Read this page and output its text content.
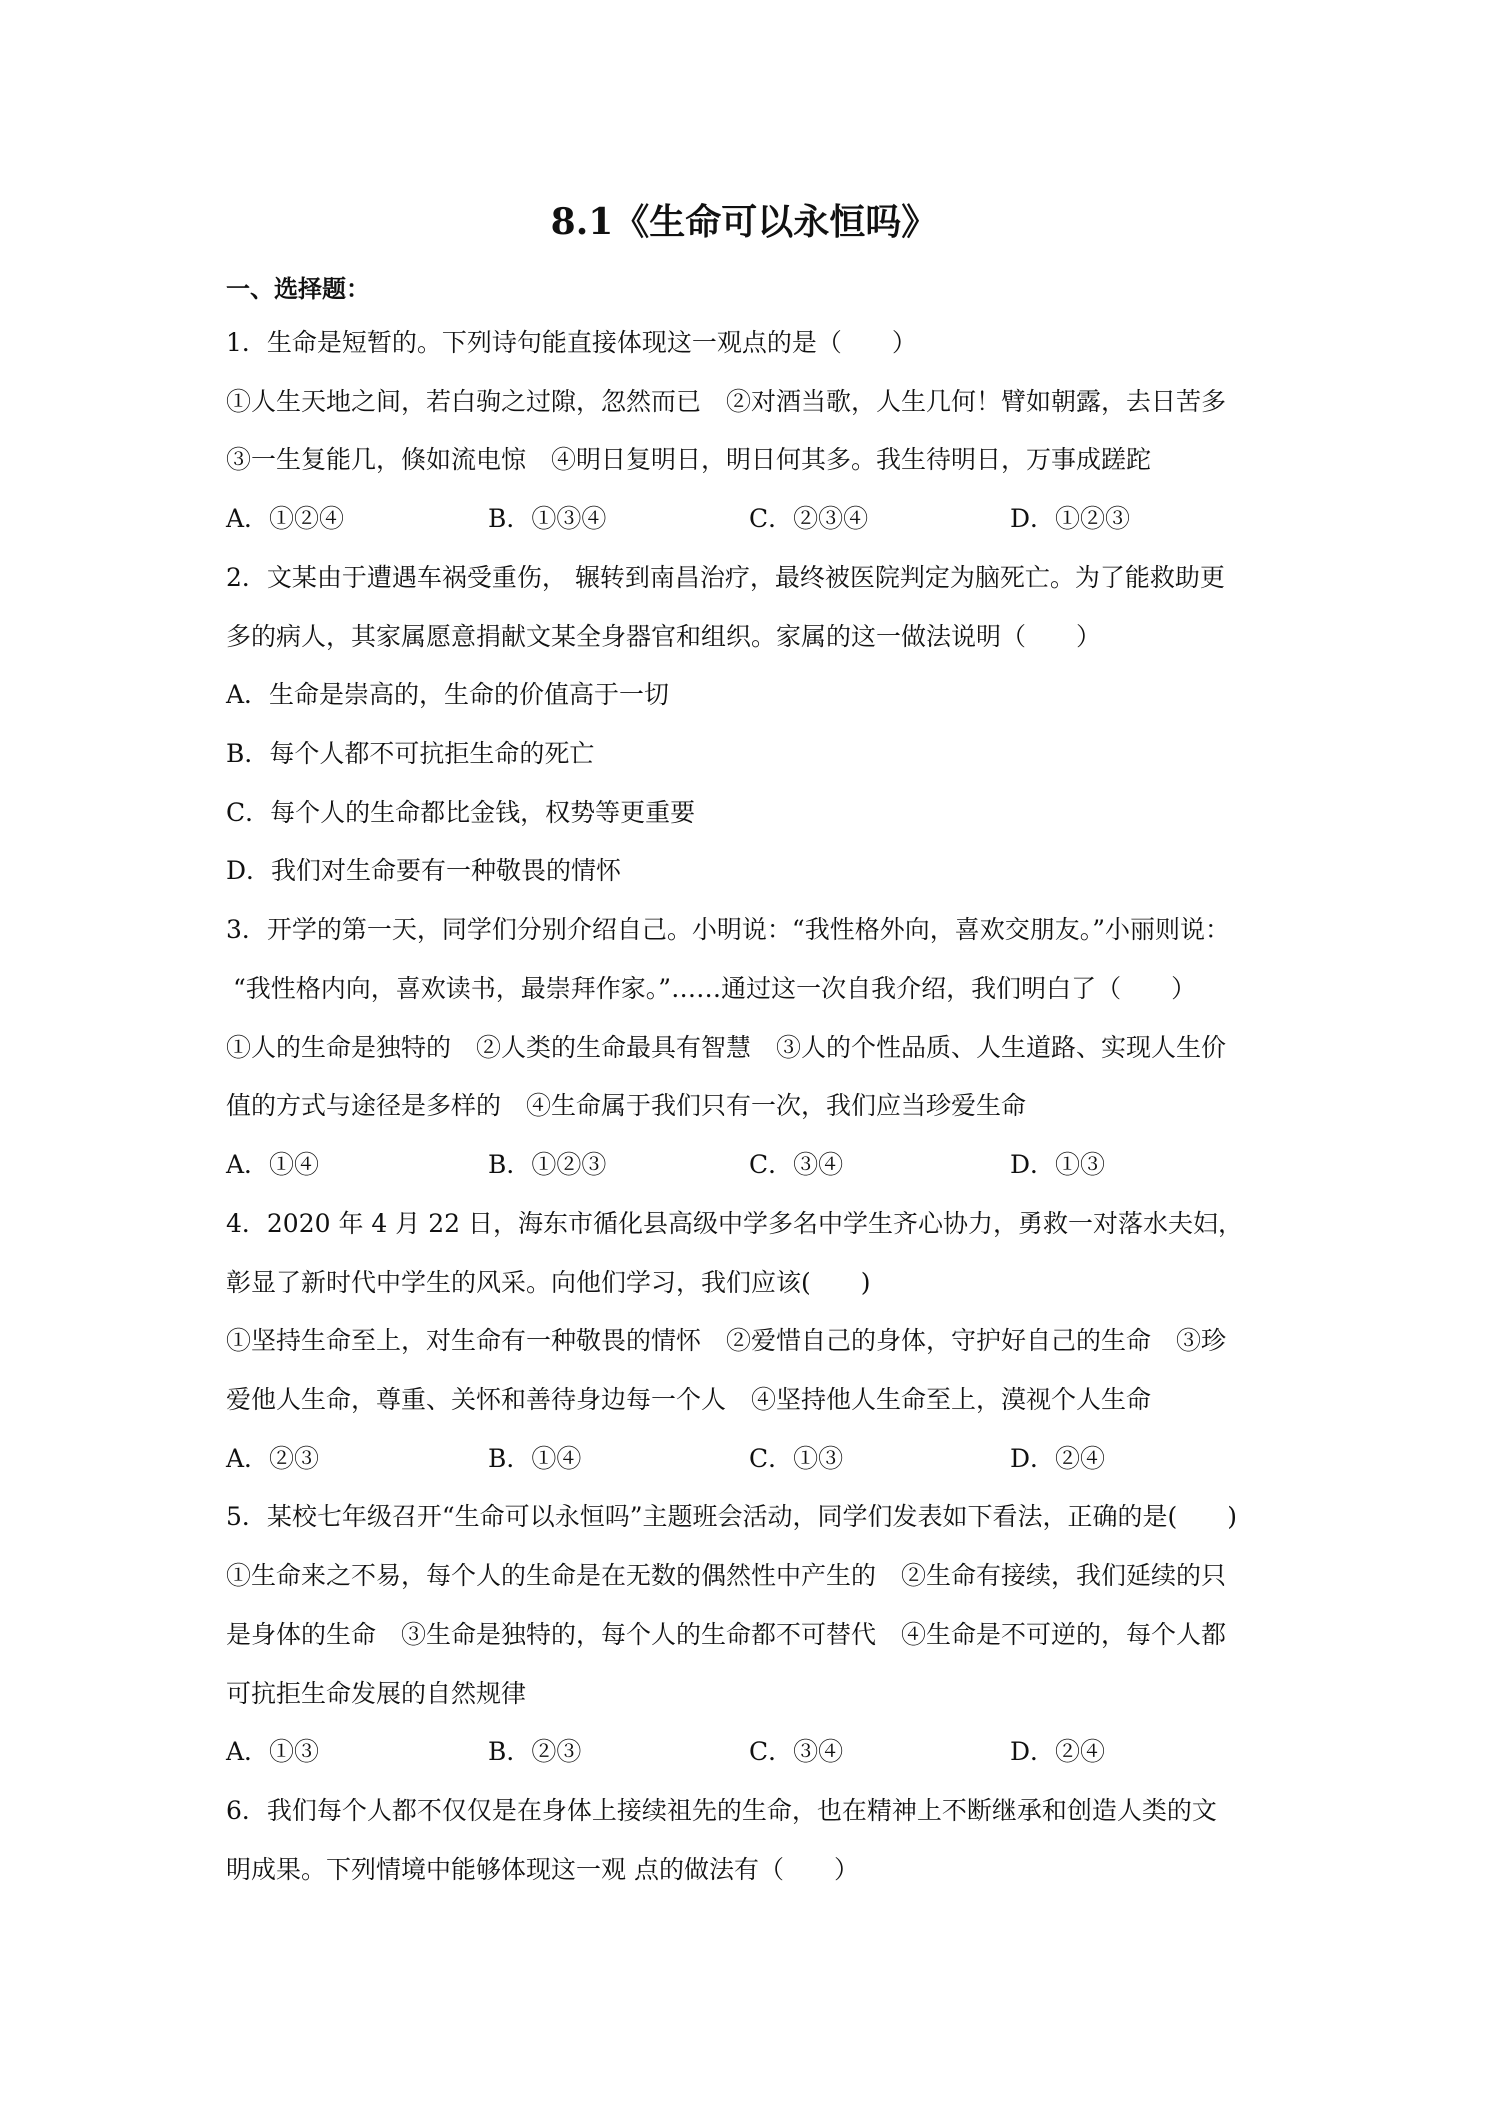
8.1《生命可以永恒吗》
一、选择题：
1．生命是短暂的。下列诗句能直接体现这一观点的是（　　）
①人生天地之间，若白驹之过隙，忽然而已　②对酒当歌，人生几何！臂如朝露，去日苦多
③一生复能几，倏如流电惊　④明日复明日，明日何其多。我生待明日，万事成蹉跎
A．①②④	B．①③④	C．②③④	D．①②③
2．文某由于遭遇车祸受重伤， 辗转到南昌治疗，最终被医院判定为脑死亡。为了能救助更
多的病人，其家属愿意捐献文某全身器官和组织。家属的这一做法说明（　　）
A．生命是崇高的，生命的价值高于一切
B．每个人都不可抗拒生命的死亡
C．每个人的生命都比金钱，权势等更重要
D．我们对生命要有一种敬畏的情怀
3．开学的第一天，同学们分别介绍自己。小明说：“我性格外向，喜欢交朋友。”小丽则说：
“我性格内向，喜欢读书，最崇拜作家。”……通过这一次自我介绍，我们明白了（　　）
①人的生命是独特的　②人类的生命最具有智慧　③人的个性品质、人生道路、实现人生价
值的方式与途径是多样的　④生命属于我们只有一次，我们应当珍爱生命
A．①④	B．①②③	C．③④	D．①③
4．2020 年 4 月 22 日，海东市循化县高级中学多名中学生齐心协力，勇救一对落水夫妇，
彰显了新时代中学生的风采。向他们学习，我们应该(　　)
①坚持生命至上，对生命有一种敬畏的情怀　②爱惜自己的身体，守护好自己的生命　③珍
爱他人生命，尊重、关怀和善待身边每一个人　④坚持他人生命至上，漠视个人生命
A．②③	B．①④	C．①③	D．②④
5．某校七年级召开“生命可以永恒吗”主题班会活动，同学们发表如下看法，正确的是(　　)
①生命来之不易，每个人的生命是在无数的偶然性中产生的　②生命有接续，我们延续的只
是身体的生命　③生命是独特的，每个人的生命都不可替代　④生命是不可逆的，每个人都
可抗拒生命发展的自然规律
A．①③	B．②③	C．③④	D．②④
6．我们每个人都不仅仅是在身体上接续祖先的生命，也在精神上不断继承和创造人类的文
明成果。下列情境中能够体现这一观 点的做法有（　　）
